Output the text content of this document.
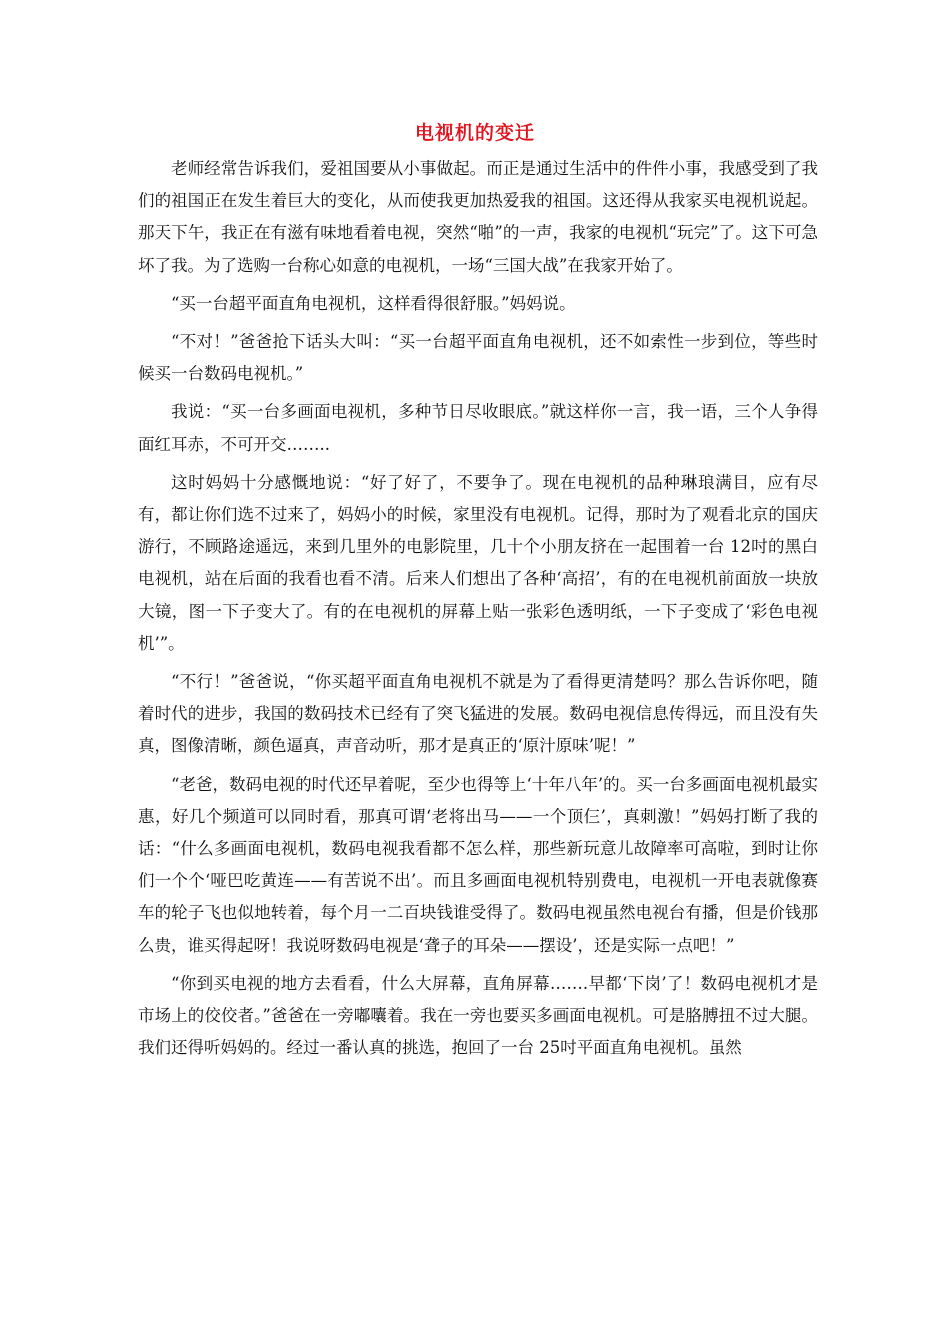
电视机的变迁

老师经常告诉我们，爱祖国要从小事做起。而正是通过生活中的件件小事，我感受到了我们的祖国正在发生着巨大的变化，从而使我更加热爱我的祖国。这还得从我家买电视机说起。那天下午，我正在有滋有味地看着电视，突然“啪”的一声，我家的电视机“玩完”了。这下可急坏了我。为了选购一台称心如意的电视机，一场“三国大战”在我家开始了。

“买一台超平面直角电视机，这样看得很舒服。”妈妈说。

“不对！”爸爸抢下话头大叫：“买一台超平面直角电视机，还不如索性一步到位，等些时候买一台数码电视机。”

我说：“买一台多画面电视机，多种节日尽收眼底。”就这样你一言，我一语，三个人争得面红耳赤，不可开交……..

这时妈妈十分感慨地说：“好了好了，不要争了。现在电视机的品种琳琅满目，应有尽有，都让你们选不过来了，妈妈小的时候，家里没有电视机。记得，那时为了观看北京的国庆游行，不顾路途遥远，来到几里外的电影院里，几十个小朋友挤在一起围着一台 12吋的黑白电视机，站在后面的我看也看不清。后来人们想出了各种‘高招’，有的在电视机前面放一块放大镜，图一下子变大了。有的在电视机的屏幕上贴一张彩色透明纸，一下子变成了‘彩色电视机’”。

“不行！”爸爸说，“你买超平面直角电视机不就是为了看得更清楚吗？那么告诉你吧，随着时代的进步，我国的数码技术已经有了突飞猛进的发展。数码电视信息传得远，而且没有失真，图像清晰，颜色逼真，声音动听，那才是真正的‘原汁原味’呢！”

“老爸，数码电视的时代还早着呢，至少也得等上‘十年八年’的。买一台多画面电视机最实惠，好几个频道可以同时看，那真可谓‘老将出马——一个顶仨’，真刺激！”妈妈打断了我的话：“什么多画面电视机，数码电视我看都不怎么样，那些新玩意儿故障率可高啦，到时让你们一个个‘哑巴吃黄连——有苦说不出’。而且多画面电视机特别费电，电视机一开电表就像赛车的轮子飞也似地转着，每个月一二百块钱谁受得了。数码电视虽然电视台有播，但是价钱那么贵，谁买得起呀！我说呀数码电视是‘聋子的耳朵——摆设’，还是实际一点吧！”

“你到买电视的地方去看看，什么大屏幕，直角屏幕…….早都‘下岗’了！数码电视机才是市场上的佼佼者。”爸爸在一旁嘟囔着。我在一旁也要买多画面电视机。可是胳膊扭不过大腿。我们还得听妈妈的。经过一番认真的挑选，抱回了一台 25吋平面直角电视机。虽然
